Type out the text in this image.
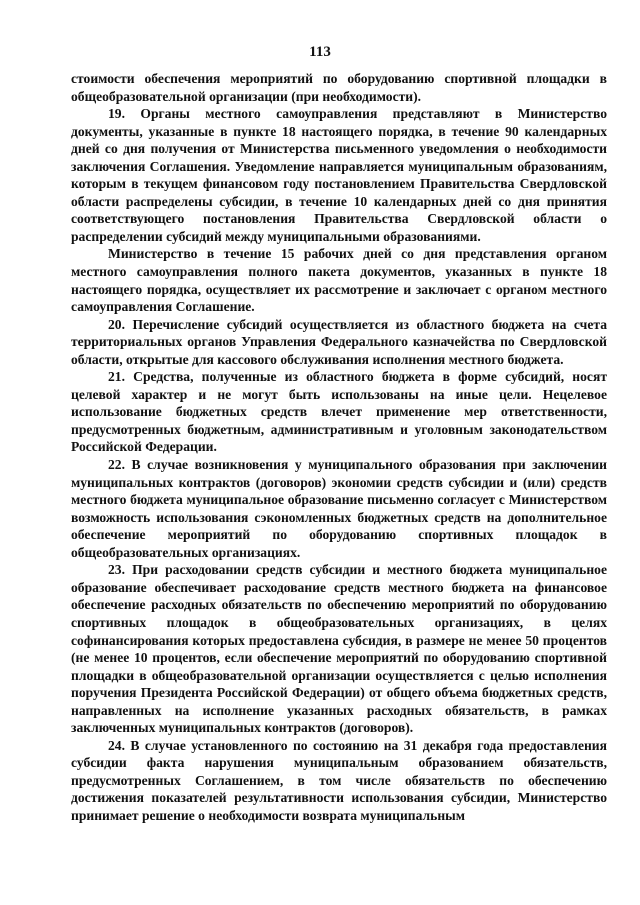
113

стоимости обеспечения мероприятий по оборудованию спортивной площадки в общеобразовательной организации (при необходимости).

19. Органы местного самоуправления представляют в Министерство документы, указанные в пункте 18 настоящего порядка, в течение 90 календарных дней со дня получения от Министерства письменного уведомления о необходимости заключения Соглашения. Уведомление направляется муниципальным образованиям, которым в текущем финансовом году постановлением Правительства Свердловской области распределены субсидии, в течение 10 календарных дней со дня принятия соответствующего постановления Правительства Свердловской области о распределении субсидий между муниципальными образованиями.

Министерство в течение 15 рабочих дней со дня представления органом местного самоуправления полного пакета документов, указанных в пункте 18 настоящего порядка, осуществляет их рассмотрение и заключает с органом местного самоуправления Соглашение.

20. Перечисление субсидий осуществляется из областного бюджета на счета территориальных органов Управления Федерального казначейства по Свердловской области, открытые для кассового обслуживания исполнения местного бюджета.

21. Средства, полученные из областного бюджета в форме субсидий, носят целевой характер и не могут быть использованы на иные цели. Нецелевое использование бюджетных средств влечет применение мер ответственности, предусмотренных бюджетным, административным и уголовным законодательством Российской Федерации.

22. В случае возникновения у муниципального образования при заключении муниципальных контрактов (договоров) экономии средств субсидии и (или) средств местного бюджета муниципальное образование письменно согласует с Министерством возможность использования сэкономленных бюджетных средств на дополнительное обеспечение мероприятий по оборудованию спортивных площадок в общеобразовательных организациях.

23. При расходовании средств субсидии и местного бюджета муниципальное образование обеспечивает расходование средств местного бюджета на финансовое обеспечение расходных обязательств по обеспечению мероприятий по оборудованию спортивных площадок в общеобразовательных организациях, в целях софинансирования которых предоставлена субсидия, в размере не менее 50 процентов (не менее 10 процентов, если обеспечение мероприятий по оборудованию спортивной площадки в общеобразовательной организации осуществляется с целью исполнения поручения Президента Российской Федерации) от общего объема бюджетных средств, направленных на исполнение указанных расходных обязательств, в рамках заключенных муниципальных контрактов (договоров).

24. В случае установленного по состоянию на 31 декабря года предоставления субсидии факта нарушения муниципальным образованием обязательств, предусмотренных Соглашением, в том числе обязательств по обеспечению достижения показателей результативности использования субсидии, Министерство принимает решение о необходимости возврата муниципальным
